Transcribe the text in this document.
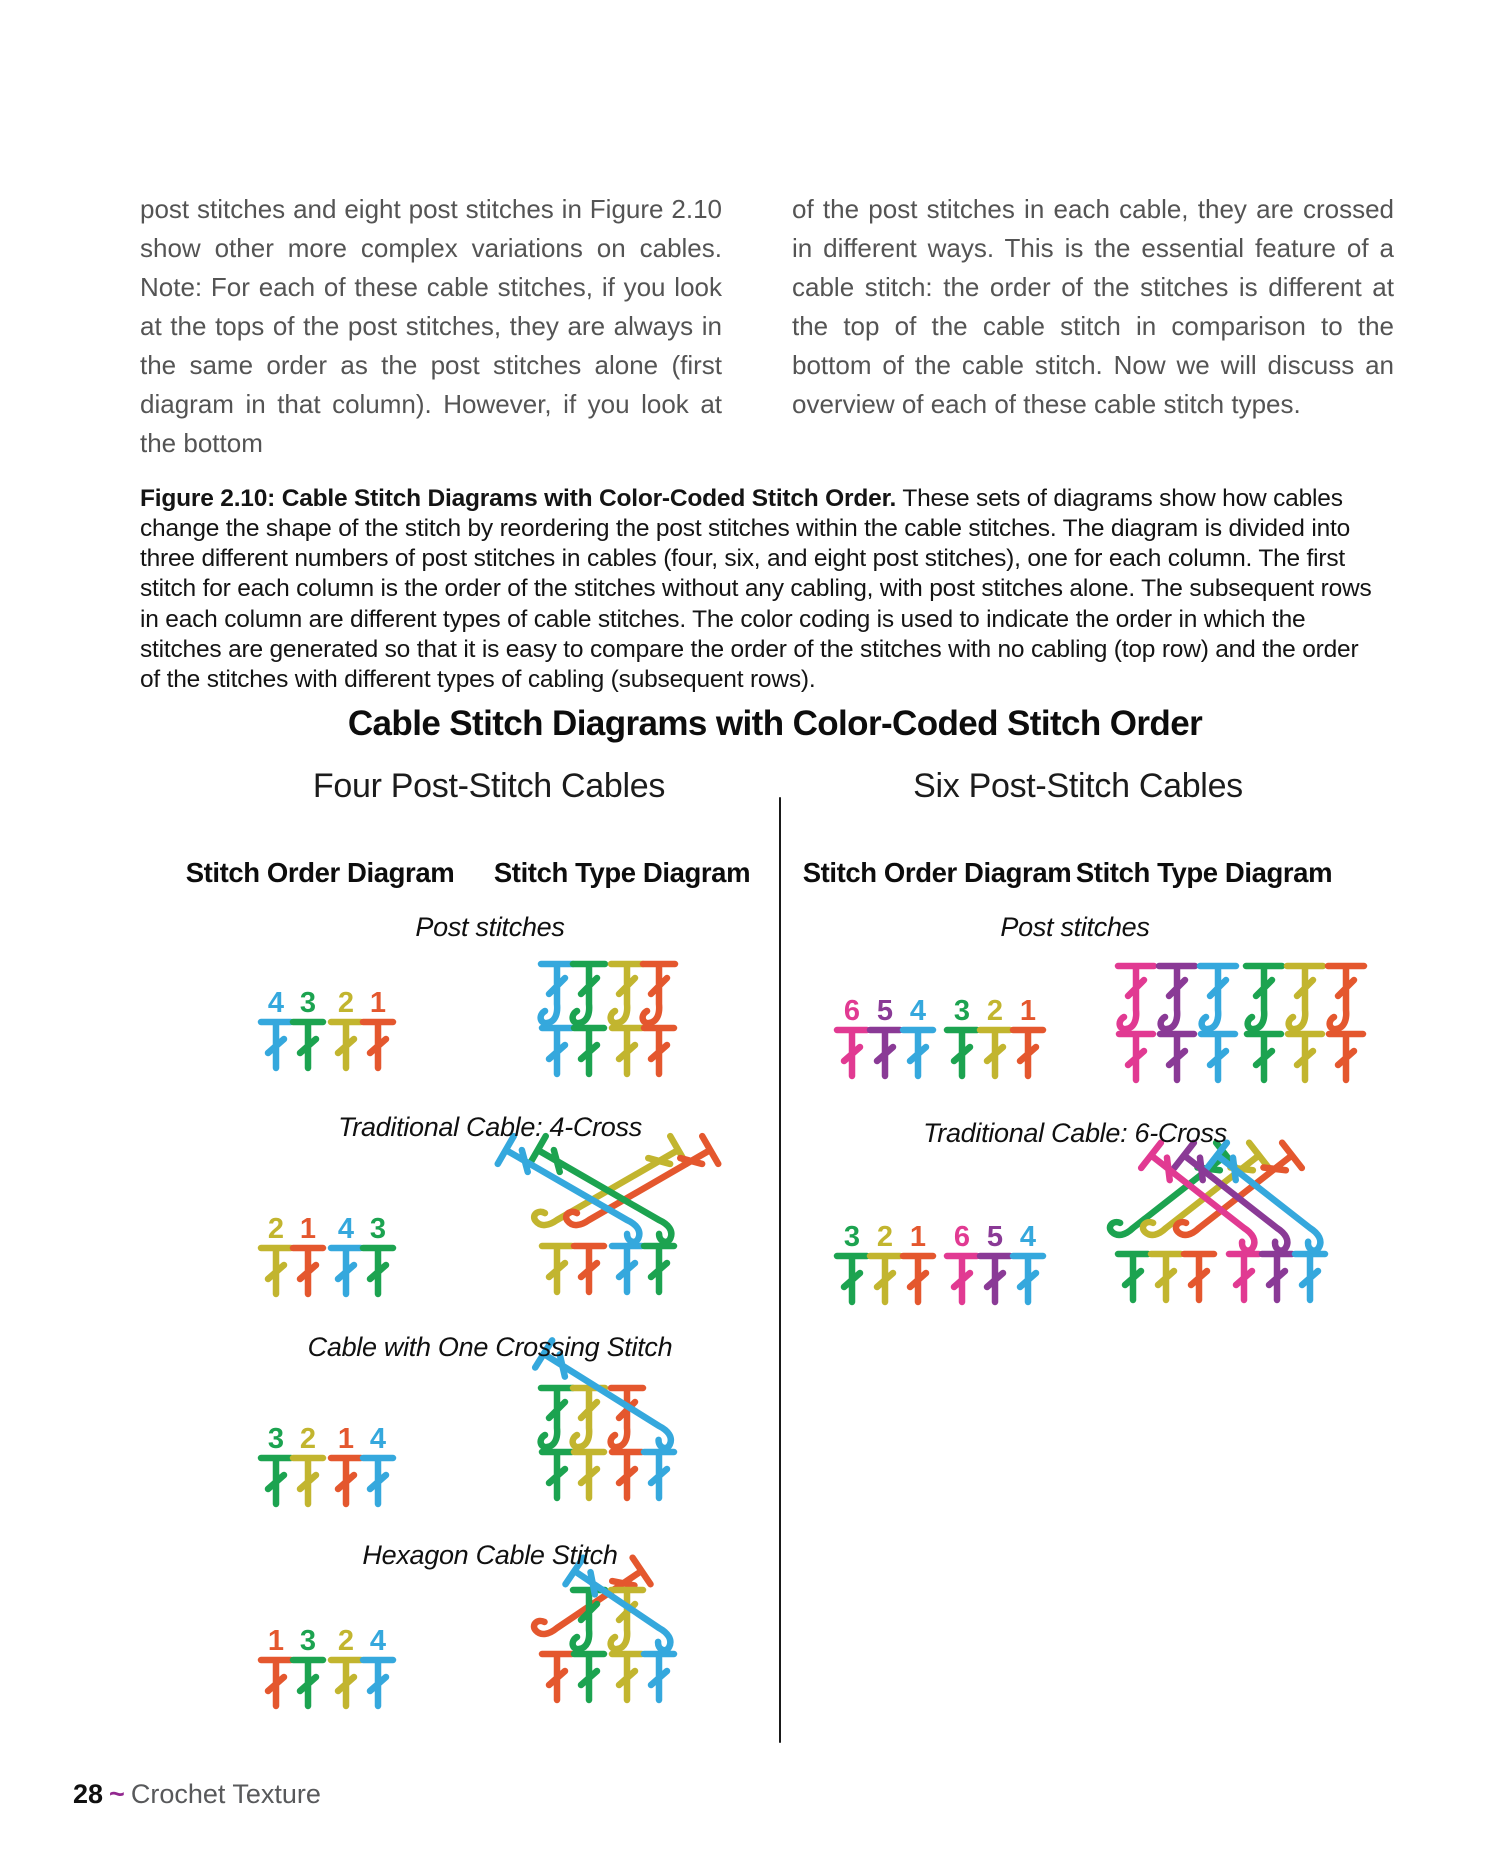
post stitches and eight post stitches in Figure 2.10 show other more complex variations on cables. Note: For each of these cable stitches, if you look at the tops of the post stitches, they are always in the same order as the post stitches alone (first diagram in that column). However, if you look at the bottom

of the post stitches in each cable, they are crossed in different ways. This is the essential feature of a cable stitch: the order of the stitches is different at the top of the cable stitch in comparison to the bottom of the cable stitch. Now we will discuss an overview of each of these cable stitch types.

Figure 2.10: Cable Stitch Diagrams with Color-Coded Stitch Order. These sets of diagrams show how cables change the shape of the stitch by reordering the post stitches within the cable stitches. The diagram is divided into three different numbers of post stitches in cables (four, six, and eight post stitches), one for each column. The first stitch for each column is the order of the stitches without any cabling, with post stitches alone. The subsequent rows in each column are different types of cable stitches. The color coding is used to indicate the order in which the stitches are generated so that it is easy to compare the order of the stitches with no cabling (top row) and the order of the stitches with different types of cabling (subsequent rows).

Cable Stitch Diagrams with Color-Coded Stitch Order
Four Post-Stitch Cables	Six Post-Stitch Cables
Stitch Order Diagram Stitch Type Diagram Stitch Order Diagram Stitch Type Diagram
4 3 2 1
2 1 4 3
3 2 1 4
1 3 2 4
6 5 4 3 2 1
3 2 1 6 5 4
28 ~ Crochet Texture
Post stitches
Traditional Cable: 4-Cross
Cable with One Crossing Stitch
Hexagon Cable Stitch
Post stitches
Traditional Cable: 6-Cross
